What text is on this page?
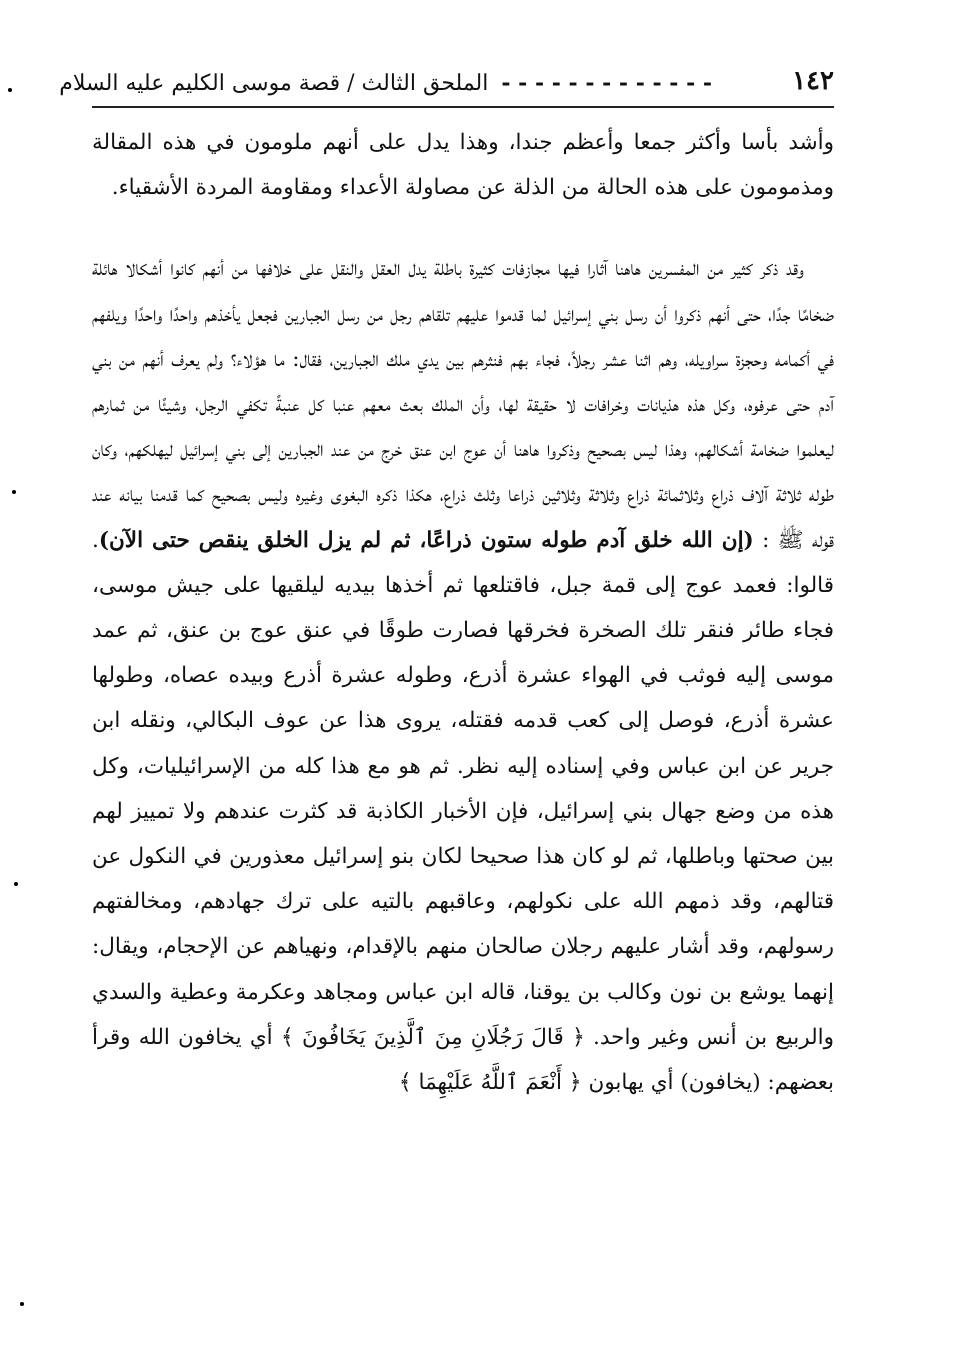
١٤٢
- - - - - - - - - - - - - الملحق الثالث / قصة موسى الكليم عليه السلام

وأشد بأسا وأكثر جمعا وأعظم جندا، وهذا يدل على أنهم ملومون في هذه المقالة ومذمومون على هذه الحالة من الذلة عن مصاولة الأعداء ومقاومة المردة الأشقياء.

وقد ذكر كثير من المفسرين هاهنا آثارا فيها مجازفات كثيرة باطلة يدل العقل والنقل على خلافها من أنهم كانوا أشكالا هائلة ضخامًا جدًا، حتى أنهم ذكروا أن رسل بني إسرائيل لما قدموا عليهم تلقاهم رجل من رسل الجبارين فجعل يأخذهم واحدًا واحدًا ويلفهم في أكمامه وحجزة سراويله، وهم اثنا عشر رجلاً، فجاء بهم فنثرهم بين يدي ملك الجبارين، فقال: ما هؤلاء؟ ولم يعرف أنهم من بني آدم حتى عرفوه، وكل هذه هذيانات وخرافات لا حقيقة لها، وأن الملك بعث معهم عنبا كل عنبةً تكفي الرجل، وشيئًا من ثمارهم ليعلموا ضخامة أشكالهم، وهذا ليس بصحيح وذكروا هاهنا أن عوج ابن عنق خرج من عند الجبارين إلى بني إسرائيل ليهلكهم، وكان طوله ثلاثة آلاف ذراع وثلاثمائة ذراع وثلاثة وثلاثين ذراعا وثلث ذراع، هكذا ذكره البغوى وغيره وليس بصحيح كما قدمنا بيانه عند قوله ﷺ : (إن الله خلق آدم طوله ستون ذراعًا، ثم لم يزل الخلق ينقص حتى الآن). قالوا: فعمد عوج إلى قمة جبل، فاقتلعها ثم أخذها بيديه ليلقيها على جيش موسى، فجاء طائر فنقر تلك الصخرة فخرقها فصارت طوقًا في عنق عوج بن عنق، ثم عمد موسى إليه فوثب في الهواء عشرة أذرع، وطوله عشرة أذرع وبيده عصاه، وطولها عشرة أذرع، فوصل إلى كعب قدمه فقتله، يروى هذا عن عوف البكالي، ونقله ابن جرير عن ابن عباس وفي إسناده إليه نظر. ثم هو مع هذا كله من الإسرائيليات، وكل هذه من وضع جهال بني إسرائيل، فإن الأخبار الكاذبة قد كثرت عندهم ولا تمييز لهم بين صحتها وباطلها، ثم لو كان هذا صحيحا لكان بنو إسرائيل معذورين في النكول عن قتالهم، وقد ذمهم الله على نكولهم، وعاقبهم بالتيه على ترك جهادهم، ومخالفتهم رسولهم، وقد أشار عليهم رجلان صالحان منهم بالإقدام، ونهياهم عن الإحجام، ويقال: إنهما يوشع بن نون وكالب بن يوقنا، قاله ابن عباس ومجاهد وعكرمة وعطية والسدي والربيع بن أنس وغير واحد. ﴿ قَالَ رَجُلَانِ مِنَ ٱلَّذِينَ يَخَافُونَ ﴾ أي يخافون الله وقرأ بعضهم: (يخافون) أي يهابون ﴿ أَنْعَمَ ٱللَّهُ عَلَيْهِمَا ﴾
